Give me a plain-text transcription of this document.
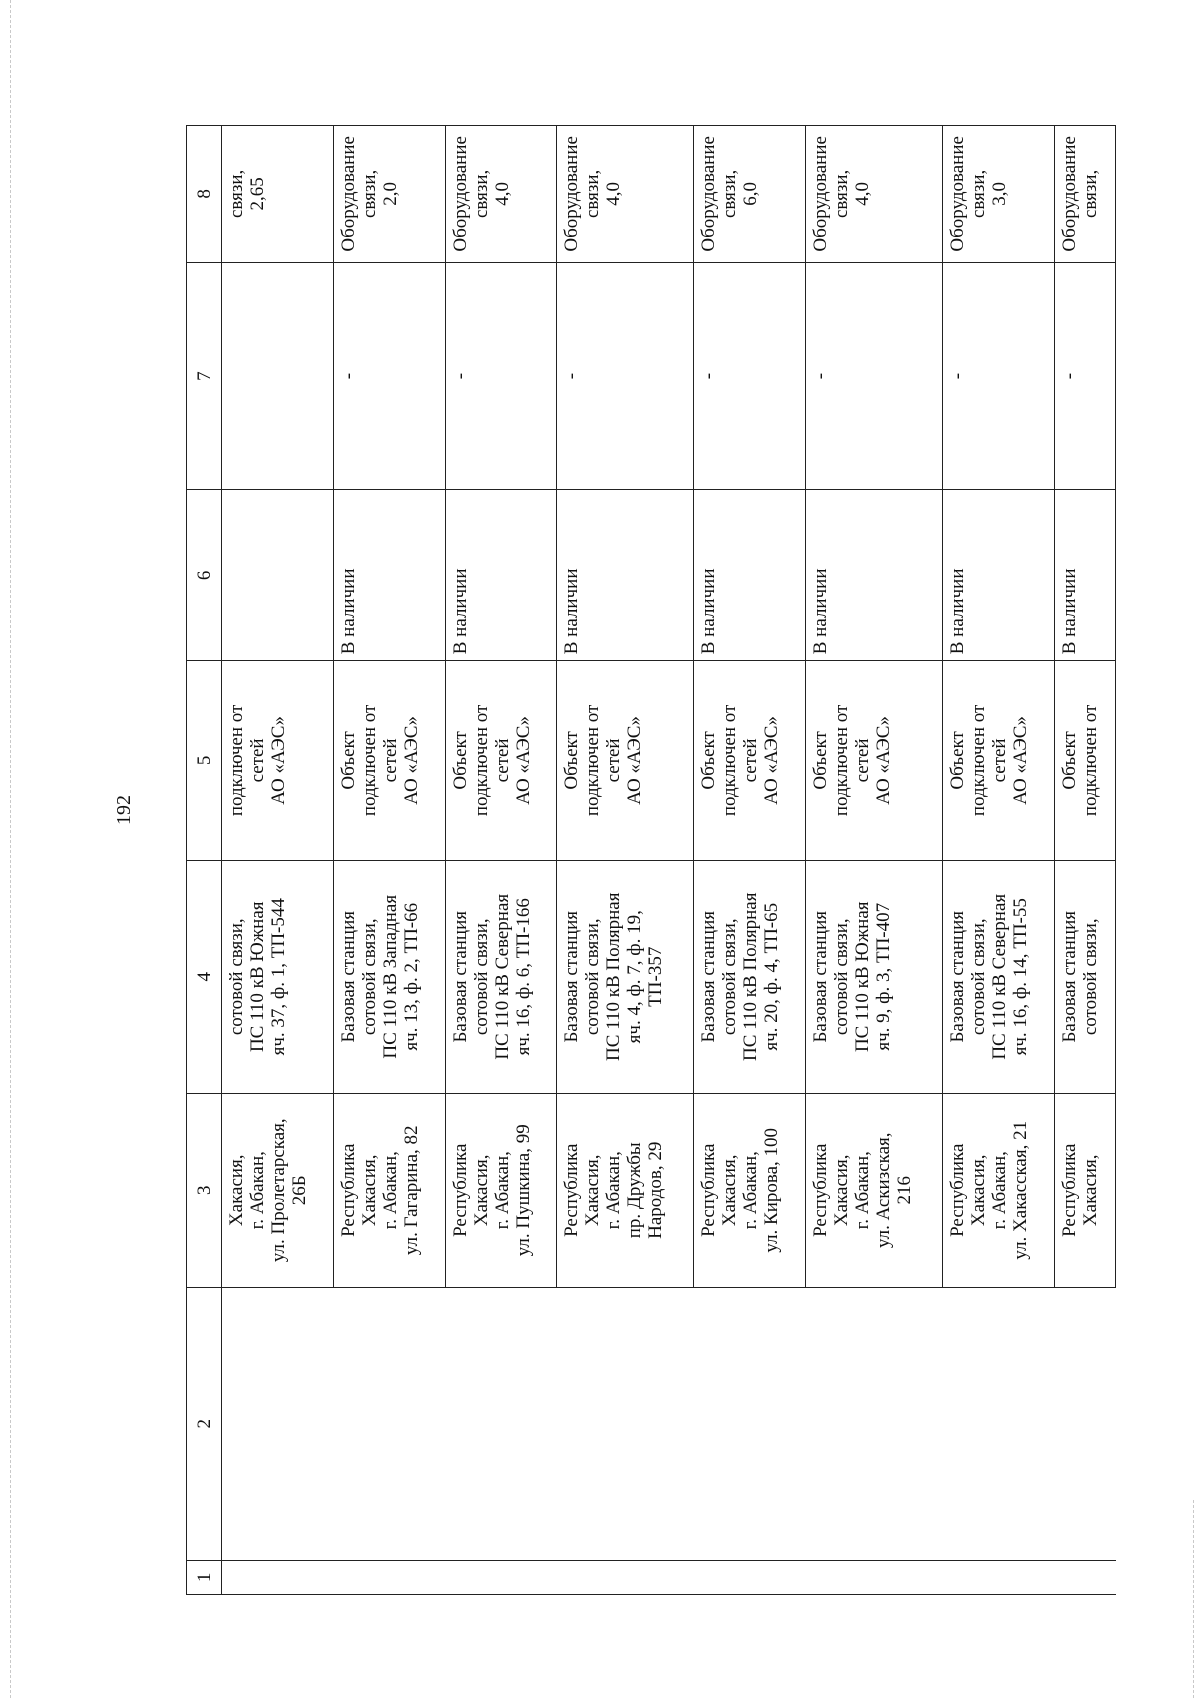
192
1	2	3	4	5	6	7	8
		Хакасия,
г. Абакан,
ул. Пролетарская,
26Б	сотовой связи,
ПС 110 кВ Южная
яч. 37, ф. 1, ТП-544	подключен от
сетей
АО «АЭС»			связи,
2,65
		Республика
Хакасия,
г. Абакан,
ул. Гагарина, 82	Базовая станция
сотовой связи,
ПС 110 кВ Западная
яч. 13, ф. 2, ТП-66	Объект
подключен от
сетей
АО «АЭС»	В наличии	-	Оборудование
связи,
2,0
		Республика
Хакасия,
г. Абакан,
ул. Пушкина, 99	Базовая станция
сотовой связи,
ПС 110 кВ Северная
яч. 16, ф. 6, ТП-166	Объект
подключен от
сетей
АО «АЭС»	В наличии	-	Оборудование
связи,
4,0
		Республика
Хакасия,
г. Абакан,
пр. Дружбы
Народов, 29	Базовая станция
сотовой связи,
ПС 110 кВ Полярная
яч. 4, ф. 7, ф. 19,
ТП-357	Объект
подключен от
сетей
АО «АЭС»	В наличии	-	Оборудование
связи,
4,0
		Республика
Хакасия,
г. Абакан,
ул. Кирова, 100	Базовая станция
сотовой связи,
ПС 110 кВ Полярная
яч. 20, ф. 4, ТП-65	Объект
подключен от
сетей
АО «АЭС»	В наличии	-	Оборудование
связи,
6,0
		Республика
Хакасия,
г. Абакан,
ул. Аскизская,
216	Базовая станция
сотовой связи,
ПС 110 кВ Южная
яч. 9, ф. 3, ТП-407	Объект
подключен от
сетей
АО «АЭС»	В наличии	-	Оборудование
связи,
4,0
		Республика
Хакасия,
г. Абакан,
ул. Хакасская, 21	Базовая станция
сотовой связи,
ПС 110 кВ Северная
яч. 16, ф. 14, ТП-55	Объект
подключен от
сетей
АО «АЭС»	В наличии	-	Оборудование
связи,
3,0
		Республика
Хакасия,	Базовая станция
сотовой связи,	Объект
подключен от	В наличии	-	Оборудование
связи,
